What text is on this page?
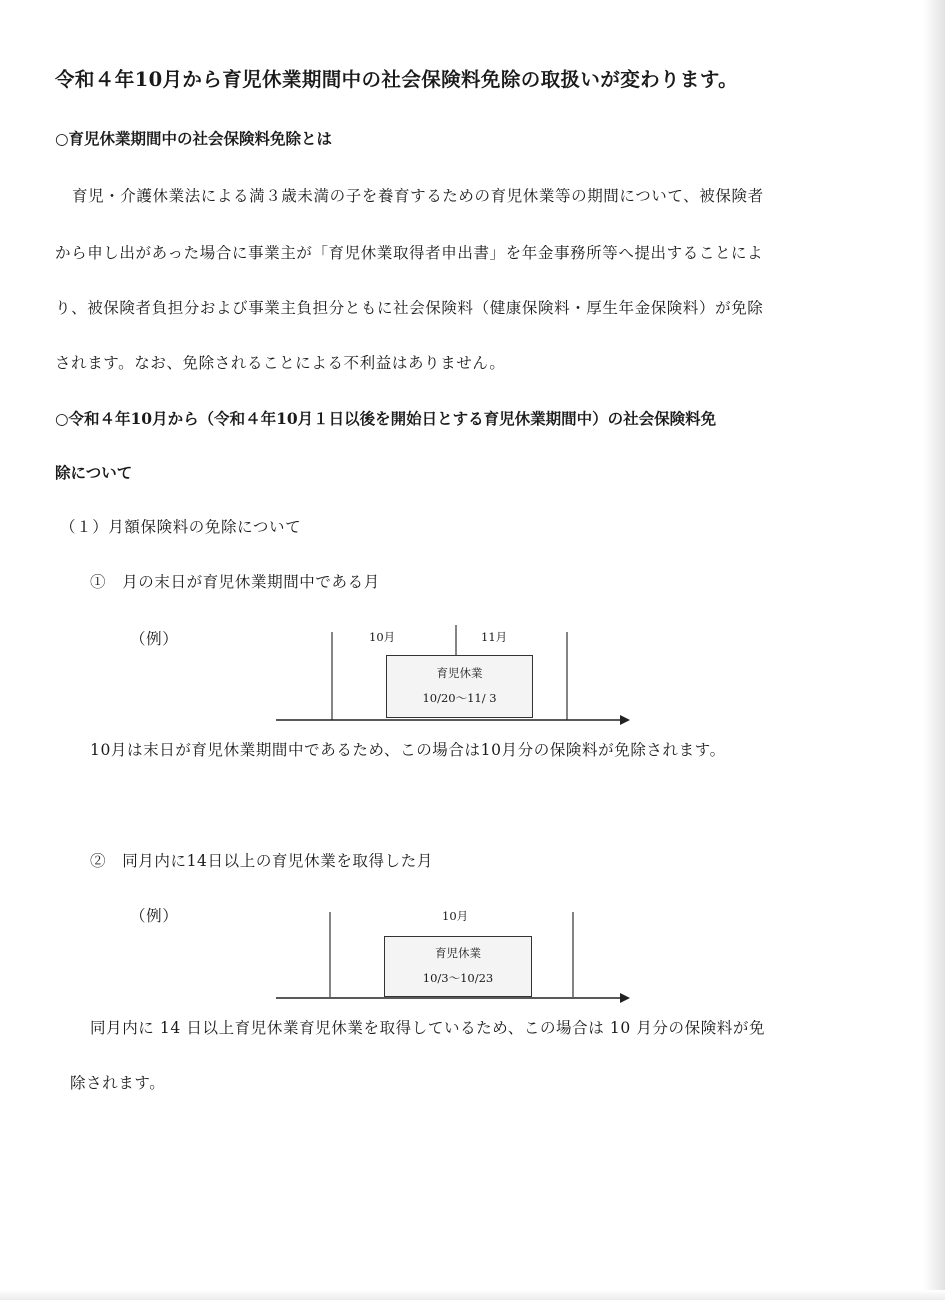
令和４年10月から育児休業期間中の社会保険料免除の取扱いが変わります。
○育児休業期間中の社会保険料免除とは
育児・介護休業法による満３歳未満の子を養育するための育児休業等の期間について、被保険者
から申し出があった場合に事業主が「育児休業取得者申出書」を年金事務所等へ提出することによ
り、被保険者負担分および事業主負担分ともに社会保険料（健康保険料・厚生年金保険料）が免除
されます。なお、免除されることによる不利益はありません。
○令和４年10月から（令和４年10月１日以後を開始日とする育児休業期間中）の社会保険料免
除について
（１）月額保険料の免除について
①　月の末日が育児休業期間中である月
（例）	10月	11月
育児休業
10/20〜11/ 3
10月は末日が育児休業期間中であるため、この場合は10月分の保険料が免除されます。
②　同月内に14日以上の育児休業を取得した月
（例）	10月
育児休業
10/3〜10/23
同月内に 14 日以上育児休業育児休業を取得しているため、この場合は 10 月分の保険料が免
除されます。
